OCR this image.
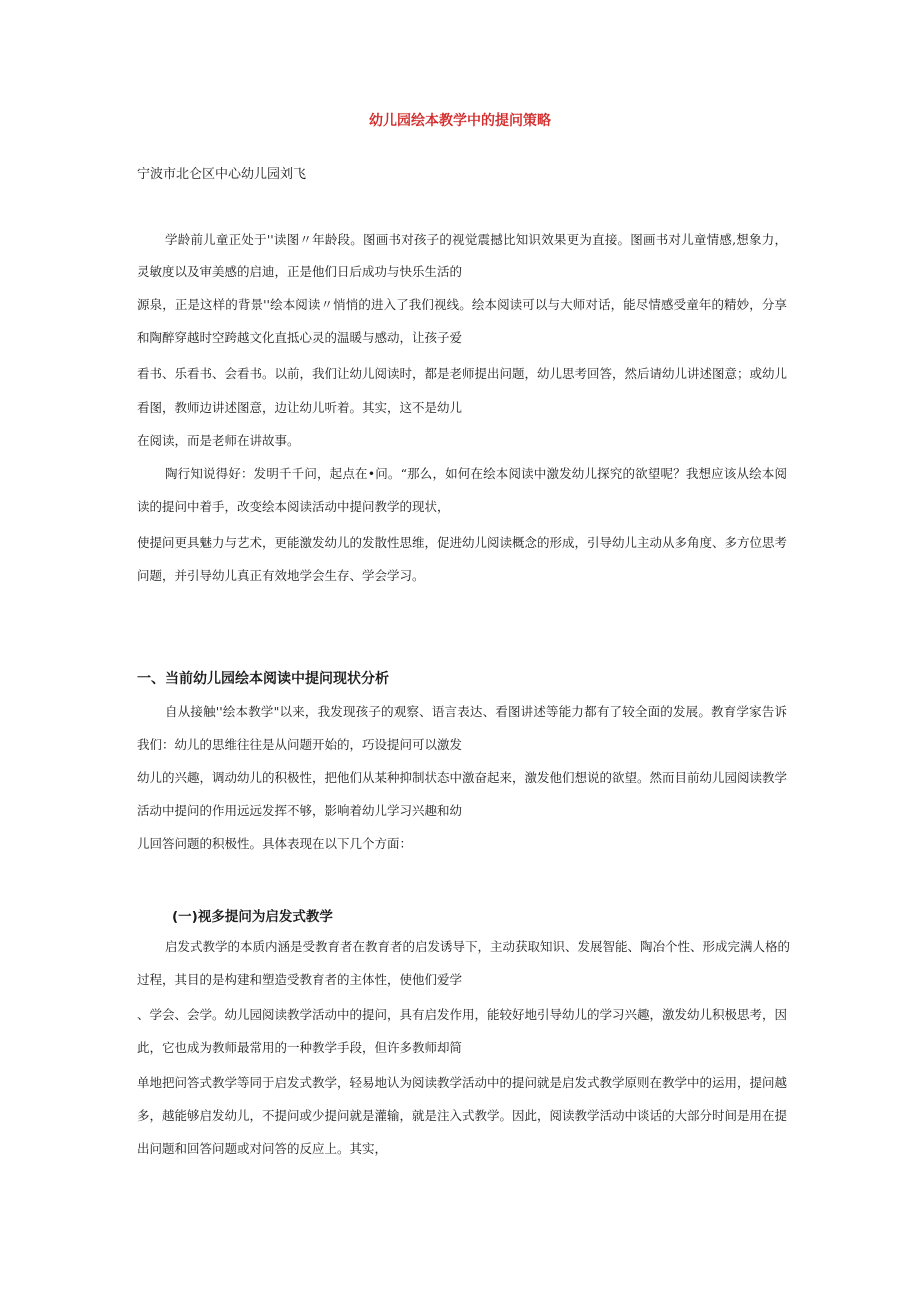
幼儿园绘本教学中的提问策略
宁波市北仑区中心幼儿园刘飞
学龄前儿童正处于''读图〃年龄段。图画书对孩子的视觉震撼比知识效果更为直接。图画书对儿童情感,想象力，
灵敏度以及审美感的启迪，正是他们日后成功与快乐生活的
源泉，正是这样的背景''绘本阅读〃悄悄的进入了我们视线。绘本阅读可以与大师对话，能尽情感受童年的精妙，分享
和陶醉穿越时空跨越文化直抵心灵的温暖与感动，让孩子爱
看书、乐看书、会看书。以前，我们让幼儿阅读时，都是老师提出问题，幼儿思考回答，然后请幼儿讲述图意；或幼儿
看图，教师边讲述图意，边让幼儿听着。其实，这不是幼儿
在阅读，而是老师在讲故事。
陶行知说得好：发明千千问，起点在•问。“那么，如何在绘本阅读中激发幼儿探究的欲望呢？我想应该从绘本阅
读的提问中着手，改变绘本阅读活动中提问教学的现状，
使提问更具魅力与艺术，更能激发幼儿的发散性思维，促进幼儿阅读概念的形成，引导幼儿主动从多角度、多方位思考
问题，并引导幼儿真正有效地学会生存、学会学习。
一、当前幼儿园绘本阅读中提问现状分析
自从接触''绘本教学"以来，我发现孩子的观察、语言表达、看图讲述等能力都有了较全面的发展。教育学家告诉
我们：幼儿的思维往往是从问题开始的，巧设提问可以激发
幼儿的兴趣，调动幼儿的积极性，把他们从某种抑制状态中激奋起来，激发他们想说的欲望。然而目前幼儿园阅读教学
活动中提问的作用远远发挥不够，影响着幼儿学习兴趣和幼
儿回答问题的积极性。具体表现在以下几个方面：
(一)视多提问为启发式教学
启发式教学的本质内涵是受教育者在教育者的启发诱导下，主动获取知识、发展智能、陶冶个性、形成完满人格的
过程，其目的是构建和塑造受教育者的主体性，使他们爱学
、学会、会学。幼儿园阅读教学活动中的提问，具有启发作用，能较好地引导幼儿的学习兴趣，激发幼儿积极思考，因
此，它也成为教师最常用的一种教学手段，但许多教师却简
单地把问答式教学等同于启发式教学，轻易地认为阅读教学活动中的提问就是启发式教学原则在教学中的运用，提问越
多，越能够启发幼儿，不提问或少提问就是灌输，就是注入式教学。因此，阅读教学活动中谈话的大部分时间是用在提
出问题和回答问题或对问答的反应上。其实，
